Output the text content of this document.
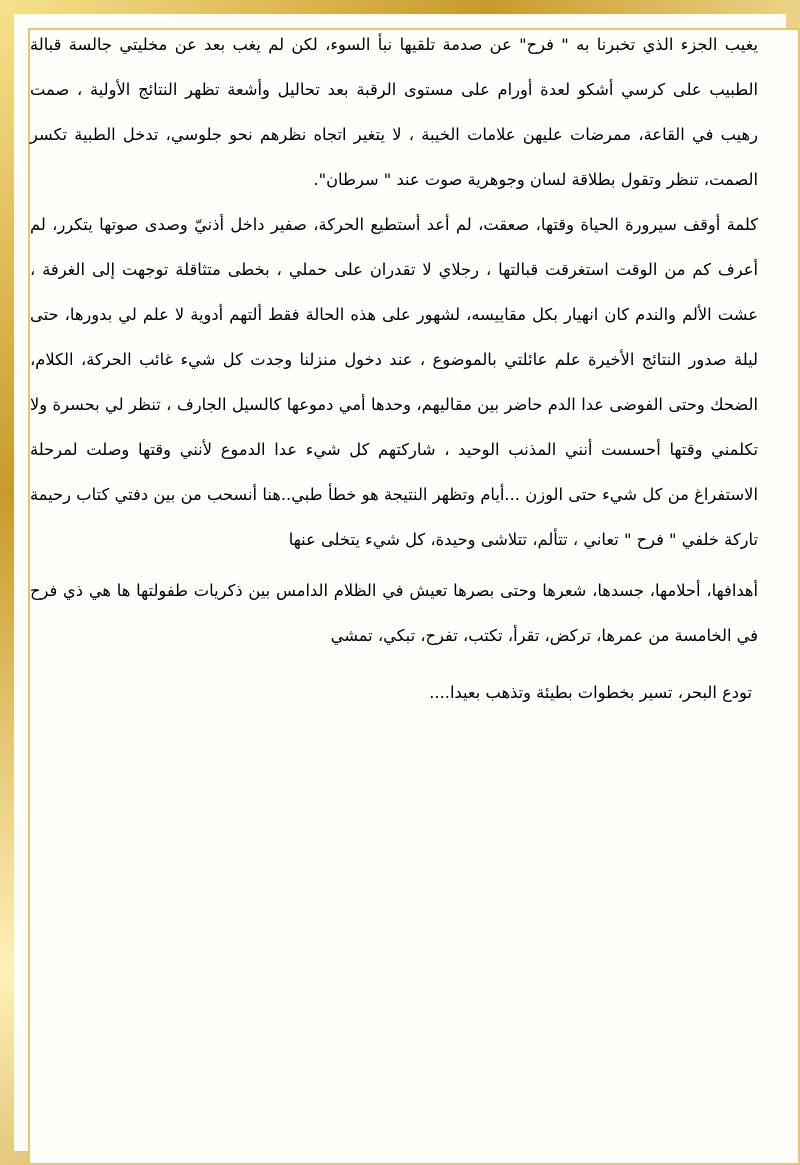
يغيب الجزء الذي تخبرنا به " فرح" عن صدمة تلقيها نبأ السوء، لكن لم يغب بعد عن مخليتي جالسة قبالة الطبيب على كرسي أشكو لعدة أورام على مستوى الرقبة بعد تحاليل وأشعة تظهر النتائج الأولية ، صمت رهيب في القاعة، ممرضات عليهن علامات الخيبة ، لا يتغير اتجاه نظرهم نحو جلوسي، تدخل الطبية تكسر الصمت، تنظر وتقول بطلاقة لسان وجوهرية صوت عند " سرطان".

كلمة أوقف سيرورة الحياة وقتها، صعقت، لم أعد أستطيع الحركة، صفير داخل أذنيّ وصدى صوتها يتكرر، لم أعرف كم من الوقت استغرقت قبالتها ، رجلاي لا تقدران على حملي ، بخطى متثاقلة توجهت إلى الغرفة ، عشت الألم والندم كان انهيار بكل مقاييسه، لشهور على هذه الحالة فقط ألتهم أدوية لا علم لي بدورها، حتى ليلة صدور النتائج الأخيرة علم عائلتي بالموضوع ، عند دخول منزلنا وجدت كل شيء غائب الحركة، الكلام، الضحك وحتى الفوضى عدا الدم حاضر بين مقاليهم، وحدها أمي دموعها كالسيل الجارف ، تنظر لي بحسرة ولا تكلمني وقتها أحسست أنني المذنب الوحيد ، شاركتهم كل شيء عدا الدموع لأنني وقتها وصلت لمرحلة الاستفراغ من كل شيء حتى الوزن ...أيام وتظهر النتيجة هو خطأ طبي..هنا أنسحب من بين دفتي كتاب رحيمة تاركة خلفي " فرح " تعاني ، تتألم، تتلاشى وحيدة، كل شيء يتخلى عنها

أهدافها، أحلامها، جسدها، شعرها وحتى بصرها تعيش في الظلام الدامس بين ذكريات طفولتها ها هي ذي فرح في الخامسة من عمرها، تركض، تقرأ، تكتب، تفرح، تبكي، تمشي

تودع البحر، تسير بخطوات بطيئة وتذهب بعيدا....
